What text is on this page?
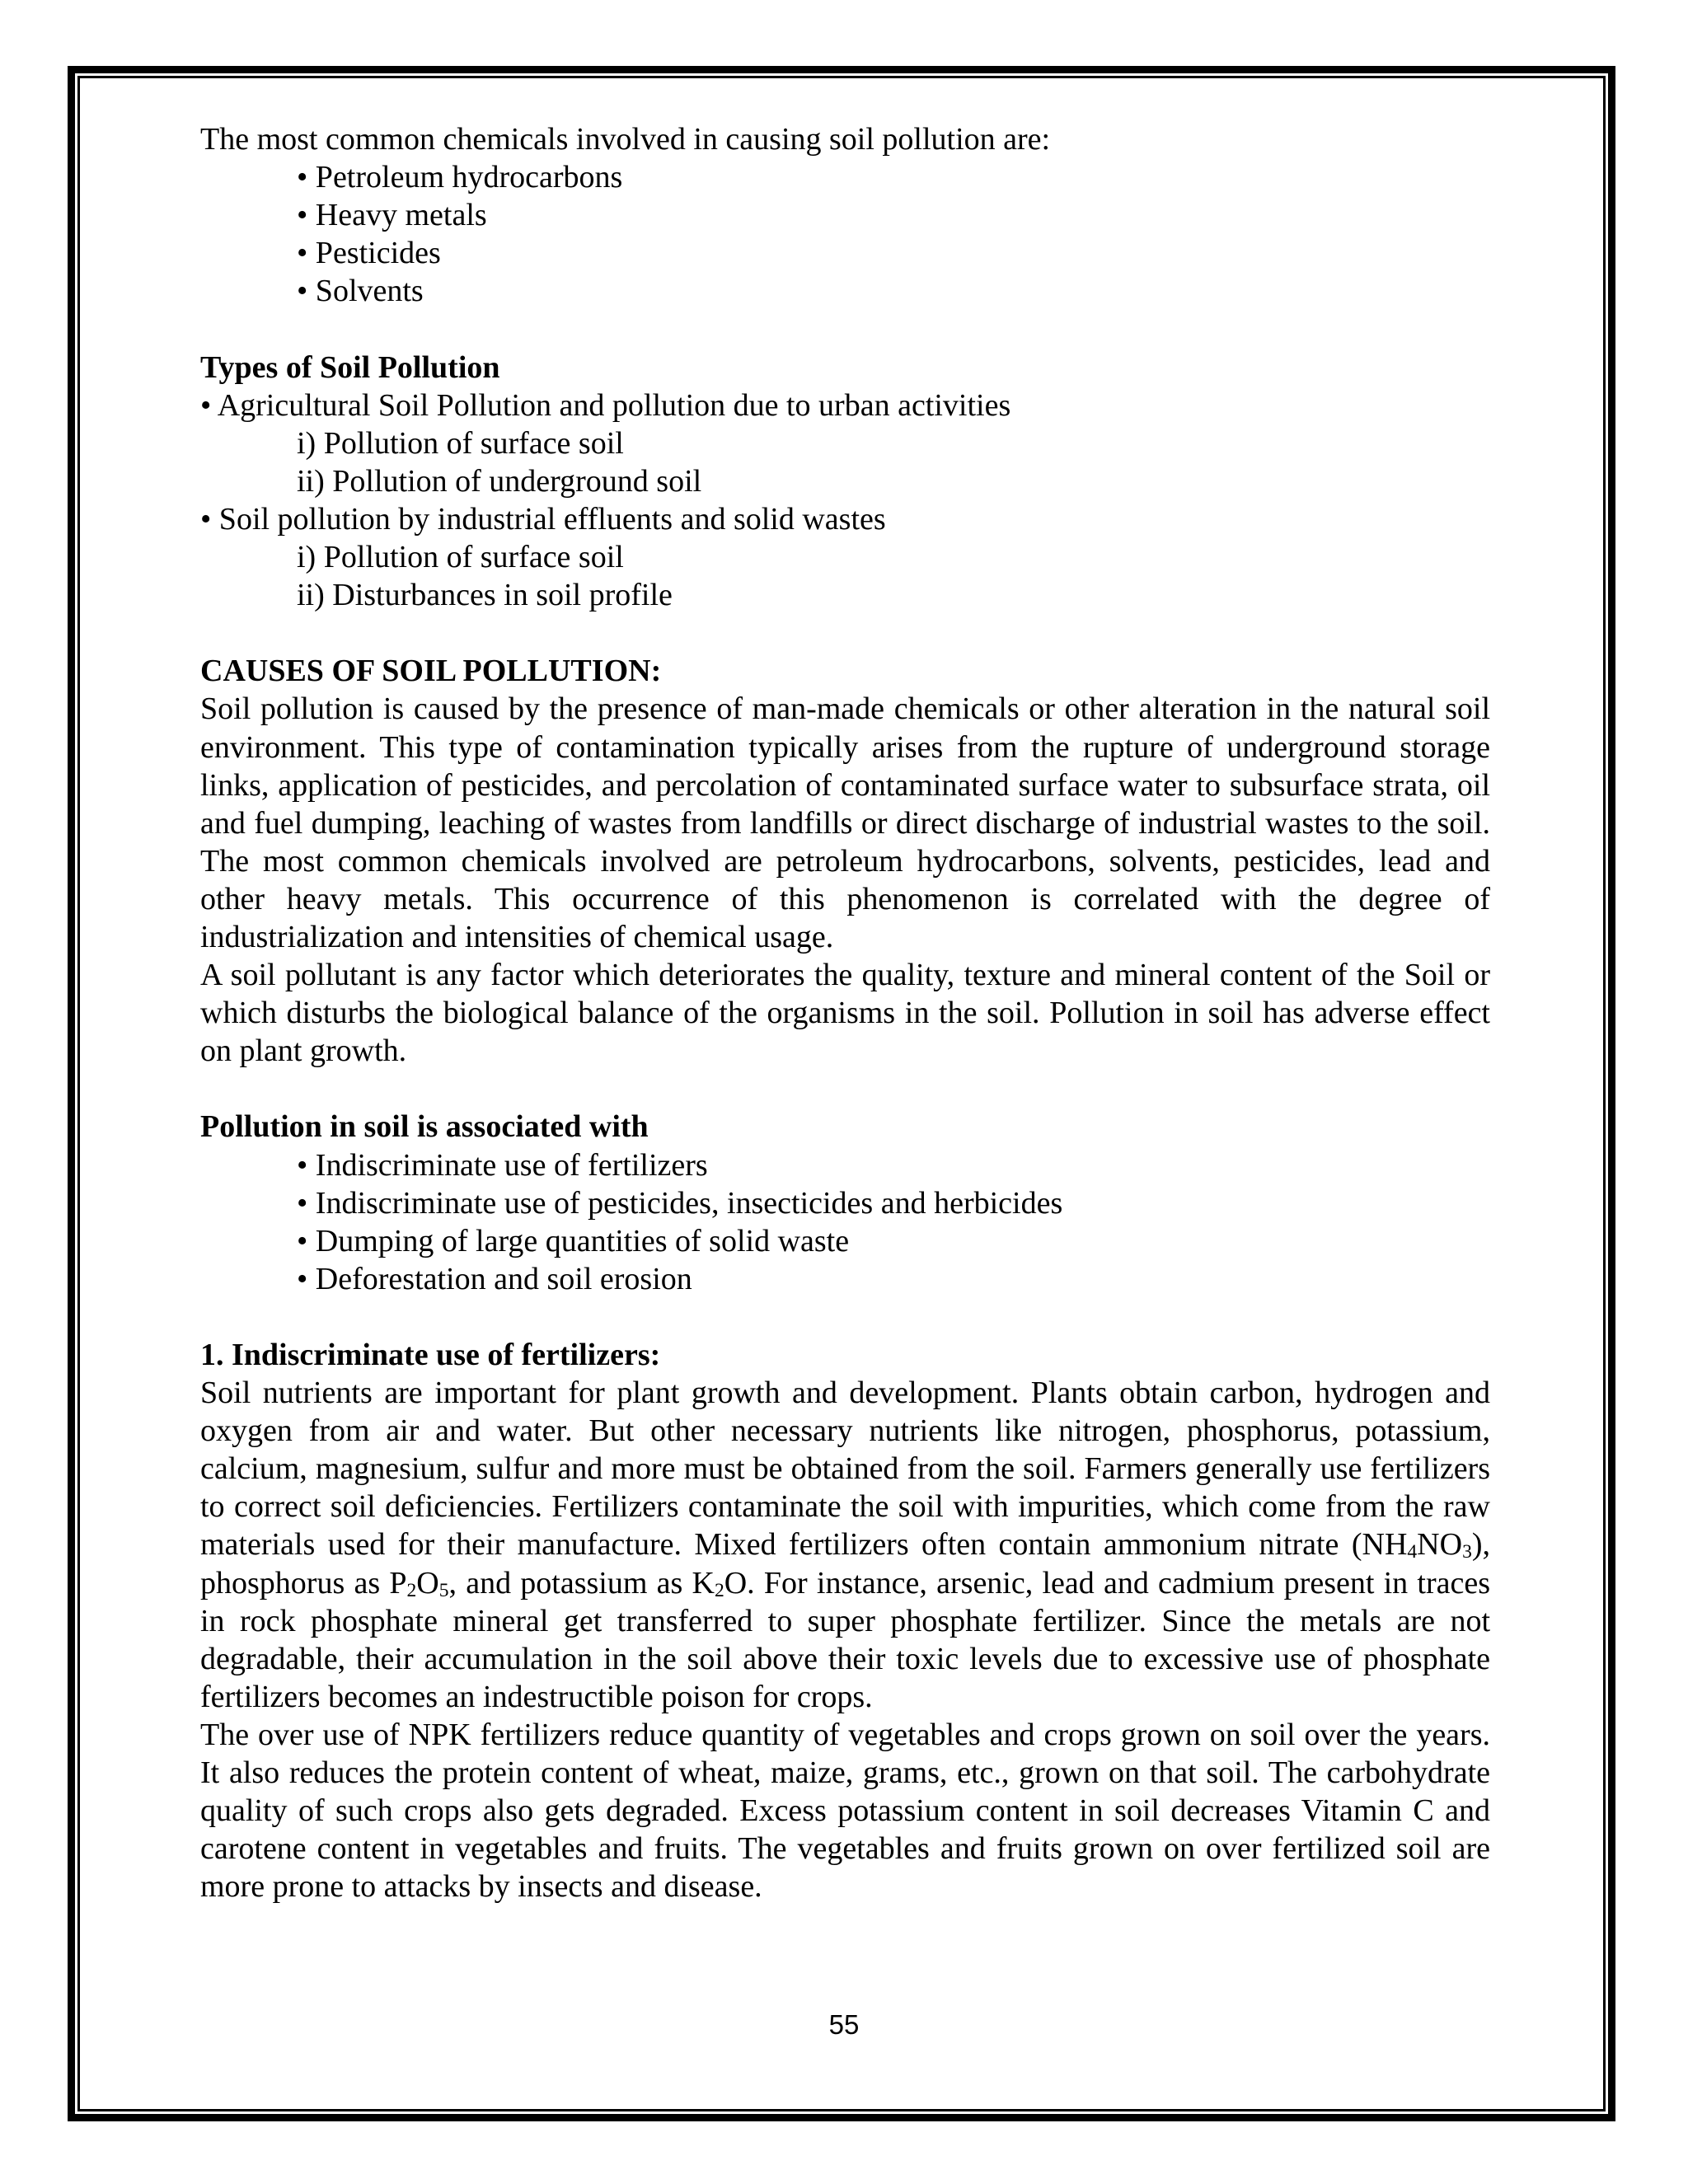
The most common chemicals involved in causing soil pollution are:

• Petroleum hydrocarbons

• Heavy metals

• Pesticides

• Solvents

Types of Soil Pollution

• Agricultural Soil Pollution and pollution due to urban activities

i) Pollution of surface soil

ii) Pollution of underground soil

• Soil pollution by industrial effluents and solid wastes

i) Pollution of surface soil

ii) Disturbances in soil profile

CAUSES OF SOIL POLLUTION:

Soil pollution is caused by the presence of man-made chemicals or other alteration in the natural soil environment. This type of contamination typically arises from the rupture of underground storage links, application of pesticides, and percolation of contaminated surface water to subsurface strata, oil and fuel dumping, leaching of wastes from landfills or direct discharge of industrial wastes to the soil. The most common chemicals involved are petroleum hydrocarbons, solvents, pesticides, lead and other heavy metals. This occurrence of this phenomenon is correlated with the degree of industrialization and intensities of chemical usage.

A soil pollutant is any factor which deteriorates the quality, texture and mineral content of the Soil or which disturbs the biological balance of the organisms in the soil. Pollution in soil has adverse effect on plant growth.

Pollution in soil is associated with

• Indiscriminate use of fertilizers

• Indiscriminate use of pesticides, insecticides and herbicides

• Dumping of large quantities of solid waste

• Deforestation and soil erosion

1. Indiscriminate use of fertilizers:

Soil nutrients are important for plant growth and development. Plants obtain carbon, hydrogen and oxygen from air and water. But other necessary nutrients like nitrogen, phosphorus, potassium, calcium, magnesium, sulfur and more must be obtained from the soil. Farmers generally use fertilizers to correct soil deficiencies. Fertilizers contaminate the soil with impurities, which come from the raw materials used for their manufacture. Mixed fertilizers often contain ammonium nitrate $(NH_4NO_3)$, phosphorus as $P_2O_5$, and potassium as $K_2O$. For instance, arsenic, lead and cadmium present in traces in rock phosphate mineral get transferred to super phosphate fertilizer. Since the metals are not degradable, their accumulation in the soil above their toxic levels due to excessive use of phosphate fertilizers becomes an indestructible poison for crops.

The over use of NPK fertilizers reduce quantity of vegetables and crops grown on soil over the years. It also reduces the protein content of wheat, maize, grams, etc., grown on that soil. The carbohydrate quality of such crops also gets degraded. Excess potassium content in soil decreases Vitamin C and carotene content in vegetables and fruits. The vegetables and fruits grown on over fertilized soil are more prone to attacks by insects and disease.

55
